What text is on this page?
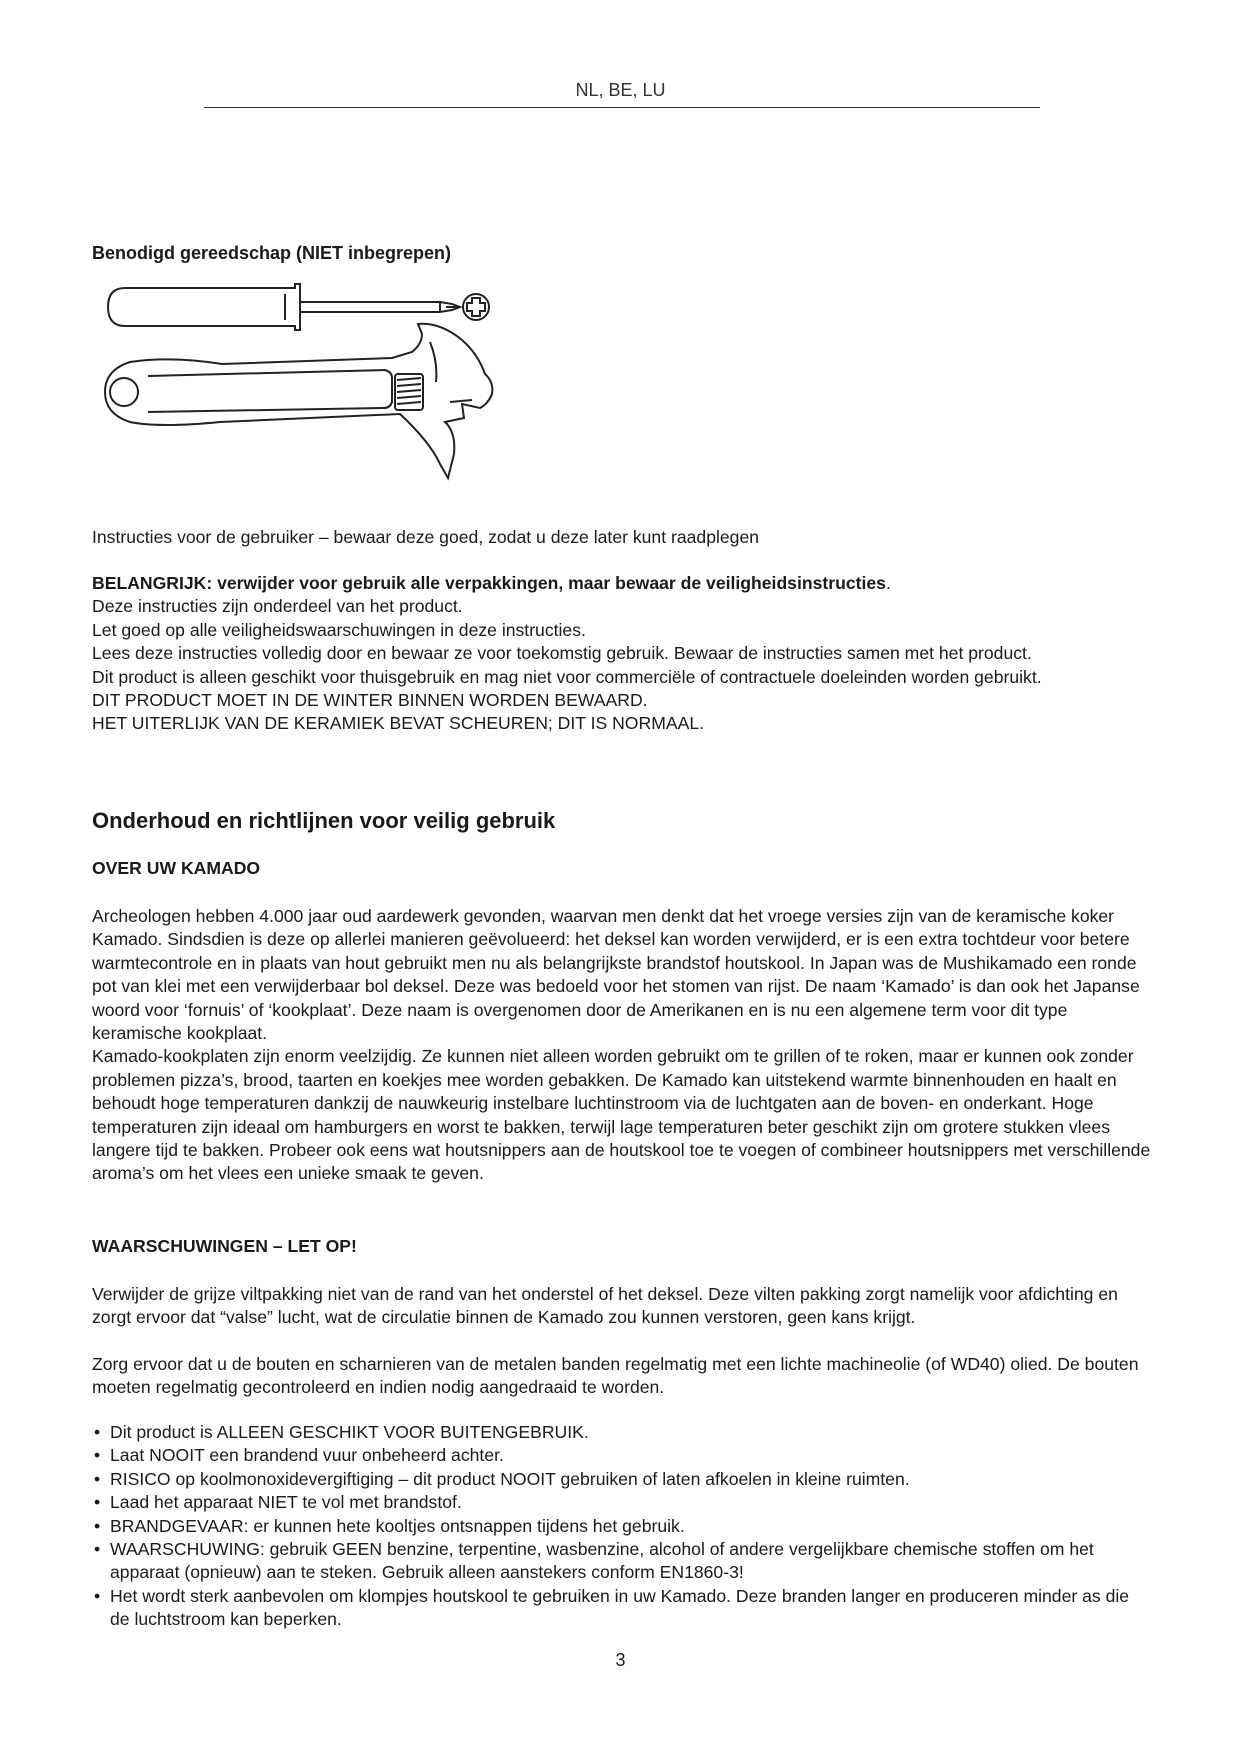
NL, BE, LU
Benodigd gereedschap (NIET inbegrepen)
Instructies voor de gebruiker – bewaar deze goed, zodat u deze later kunt raadplegen

BELANGRIJK: verwijder voor gebruik alle verpakkingen, maar bewaar de veiligheidsinstructies.

Deze instructies zijn onderdeel van het product.

Let goed op alle veiligheidswaarschuwingen in deze instructies.

Lees deze instructies volledig door en bewaar ze voor toekomstig gebruik. Bewaar de instructies samen met het product.

Dit product is alleen geschikt voor thuisgebruik en mag niet voor commerciële of contractuele doeleinden worden gebruikt.

DIT PRODUCT MOET IN DE WINTER BINNEN WORDEN BEWAARD.

HET UITERLIJK VAN DE KERAMIEK BEVAT SCHEUREN; DIT IS NORMAAL.

Onderhoud en richtlijnen voor veilig gebruik
OVER UW KAMADO

Archeologen hebben 4.000 jaar oud aardewerk gevonden, waarvan men denkt dat het vroege versies zijn van de keramische koker Kamado. Sindsdien is deze op allerlei manieren geëvolueerd: het deksel kan worden verwijderd, er is een extra tochtdeur voor betere warmtecontrole en in plaats van hout gebruikt men nu als belangrijkste brandstof houtskool. In Japan was de Mushikamado een ronde pot van klei met een verwijderbaar bol deksel. Deze was bedoeld voor het stomen van rijst. De naam ‘Kamado’ is dan ook het Japanse woord voor ‘fornuis’ of ‘kookplaat’. Deze naam is overgenomen door de Amerikanen en is nu een algemene term voor dit type keramische kookplaat.

Kamado-kookplaten zijn enorm veelzijdig. Ze kunnen niet alleen worden gebruikt om te grillen of te roken, maar er kunnen ook zonder problemen pizza’s, brood, taarten en koekjes mee worden gebakken. De Kamado kan uitstekend warmte binnenhouden en haalt en behoudt hoge temperaturen dankzij de nauwkeurig instelbare luchtinstroom via de luchtgaten aan de boven- en onderkant. Hoge temperaturen zijn ideaal om hamburgers en worst te bakken, terwijl lage temperaturen beter geschikt zijn om grotere stukken vlees langere tijd te bakken. Probeer ook eens wat houtsnippers aan de houtskool toe te voegen of combineer houtsnippers met verschillende aroma’s om het vlees een unieke smaak te geven.

WAARSCHUWINGEN – LET OP!
Verwijder de grijze viltpakking niet van de rand van het onderstel of het deksel. Deze vilten pakking zorgt namelijk voor afdichting en zorgt ervoor dat “valse” lucht, wat de circulatie binnen de Kamado zou kunnen verstoren, geen kans krijgt.
Zorg ervoor dat u de bouten en scharnieren van de metalen banden regelmatig met een lichte machineolie (of WD40) olied. De bouten moeten regelmatig gecontroleerd en indien nodig aangedraaid te worden.
• Dit product is ALLEEN GESCHIKT VOOR BUITENGEBRUIK.
• Laat NOOIT een brandend vuur onbeheerd achter.
• RISICO op koolmonoxidevergiftiging – dit product NOOIT gebruiken of laten afkoelen in kleine ruimten.
• Laad het apparaat NIET te vol met brandstof.
• BRANDGEVAAR: er kunnen hete kooltjes ontsnappen tijdens het gebruik.
• WAARSCHUWING: gebruik GEEN benzine, terpentine, wasbenzine, alcohol of andere vergelijkbare chemische stoffen om het apparaat (opnieuw) aan te steken. Gebruik alleen aanstekers conform EN1860-3!
• Het wordt sterk aanbevolen om klompjes houtskool te gebruiken in uw Kamado. Deze branden langer en produceren minder as die de luchtstroom kan beperken.
3
